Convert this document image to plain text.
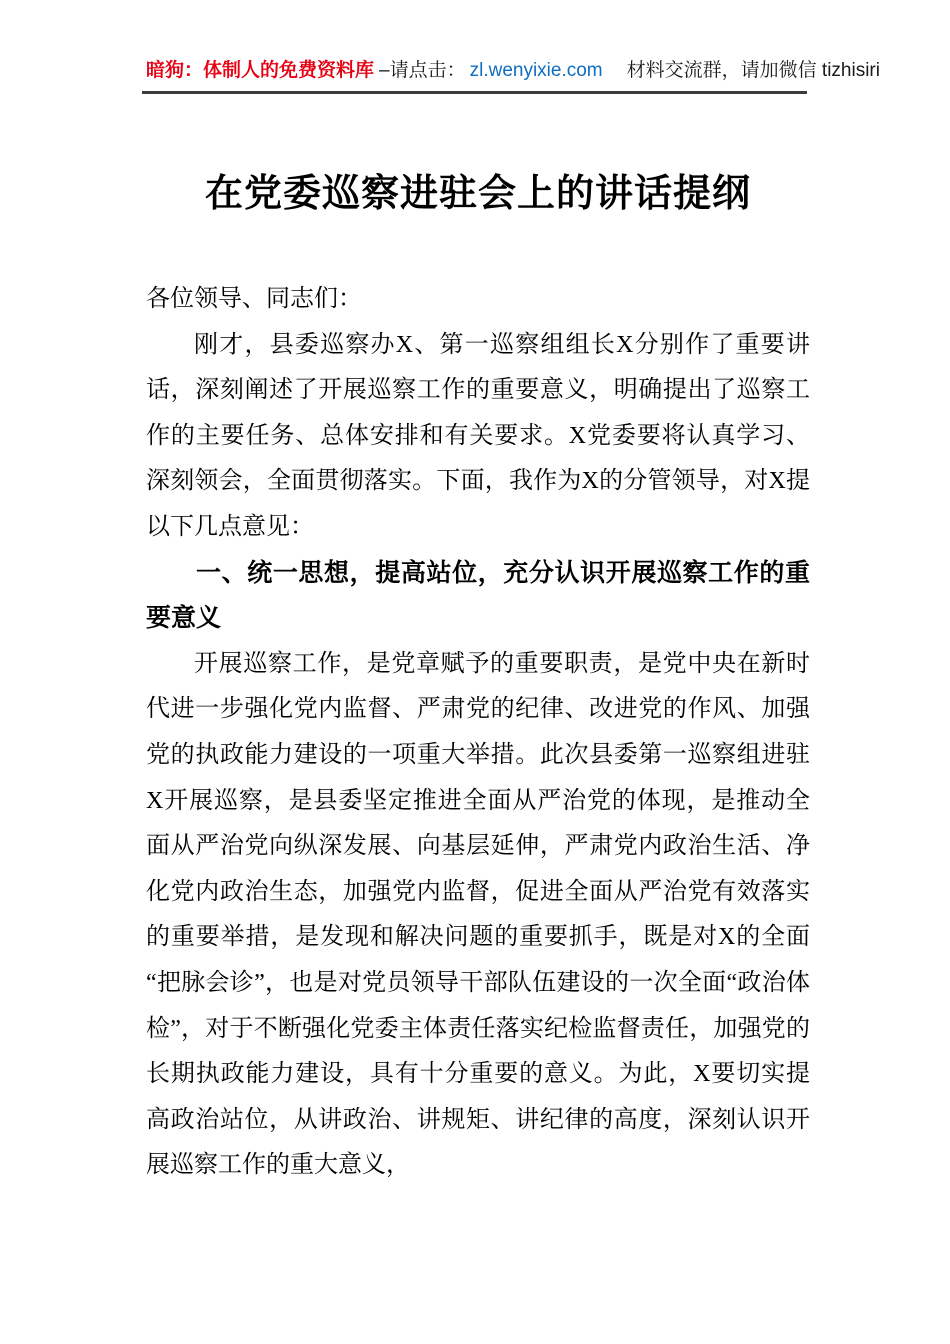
暗狗：体制人的免费资料库 –请点击： zl.wenyixie.com 材料交流群，请加微信 tizhisiri
在党委巡察进驻会上的讲话提纲

各位领导、同志们：

刚才，县委巡察办X、第一巡察组组长X分别作了重要讲话，深刻阐述了开展巡察工作的重要意义，明确提出了巡察工作的主要任务、总体安排和有关要求。X党委要将认真学习、深刻领会，全面贯彻落实。下面，我作为X的分管领导，对X提以下几点意见：

一、统一思想，提高站位，充分认识开展巡察工作的重要意义

开展巡察工作，是党章赋予的重要职责，是党中央在新时代进一步强化党内监督、严肃党的纪律、改进党的作风、加强党的执政能力建设的一项重大举措。此次县委第一巡察组进驻X开展巡察，是县委坚定推进全面从严治党的体现，是推动全面从严治党向纵深发展、向基层延伸，严肃党内政治生活、净化党内政治生态，加强党内监督，促进全面从严治党有效落实的重要举措，是发现和解决问题的重要抓手，既是对X的全面“把脉会诊”，也是对党员领导干部队伍建设的一次全面“政治体检”，对于不断强化党委主体责任落实纪检监督责任，加强党的长期执政能力建设，具有十分重要的意义。为此，X要切实提高政治站位，从讲政治、讲规矩、讲纪律的高度，深刻认识开展巡察工作的重大意义，
